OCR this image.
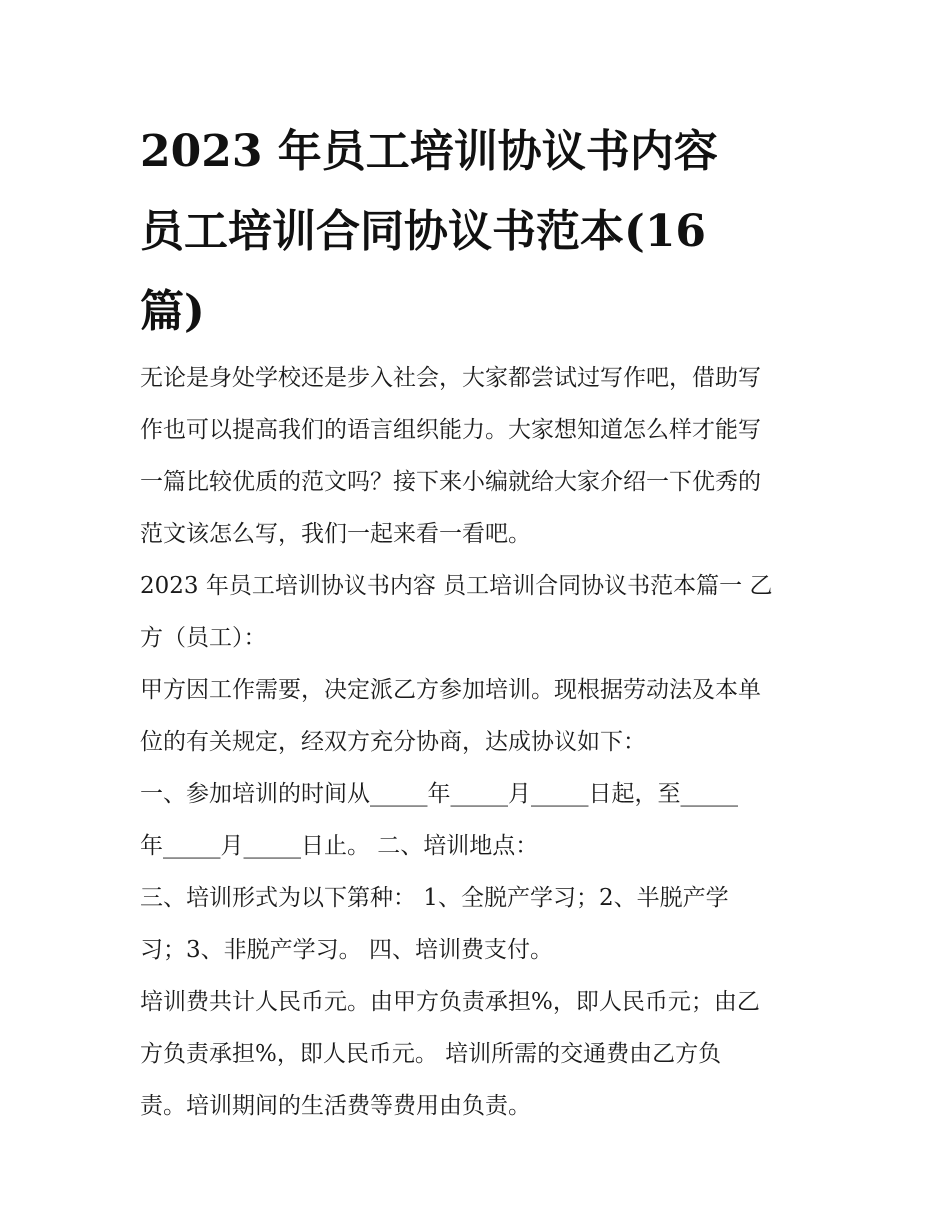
2023 年员工培训协议书内容
员工培训合同协议书范本(16
篇)

无论是身处学校还是步入社会，大家都尝试过写作吧，借助写
作也可以提高我们的语言组织能力。大家想知道怎么样才能写
一篇比较优质的范文吗？接下来小编就给大家介绍一下优秀的
范文该怎么写，我们一起来看一看吧。

2023 年员工培训协议书内容 员工培训合同协议书范本篇一 乙
方（员工）：

甲方因工作需要，决定派乙方参加培训。现根据劳动法及本单
位的有关规定，经双方充分协商，达成协议如下：

一、参加培训的时间从_____年_____月_____日起，至_____
年_____月_____日止。 二、培训地点：

三、培训形式为以下第种： 1、全脱产学习；2、半脱产学
习；3、非脱产学习。 四、培训费支付。

培训费共计人民币元。由甲方负责承担%，即人民币元；由乙
方负责承担%，即人民币元。 培训所需的交通费由乙方负
责。培训期间的生活费等费用由负责。
